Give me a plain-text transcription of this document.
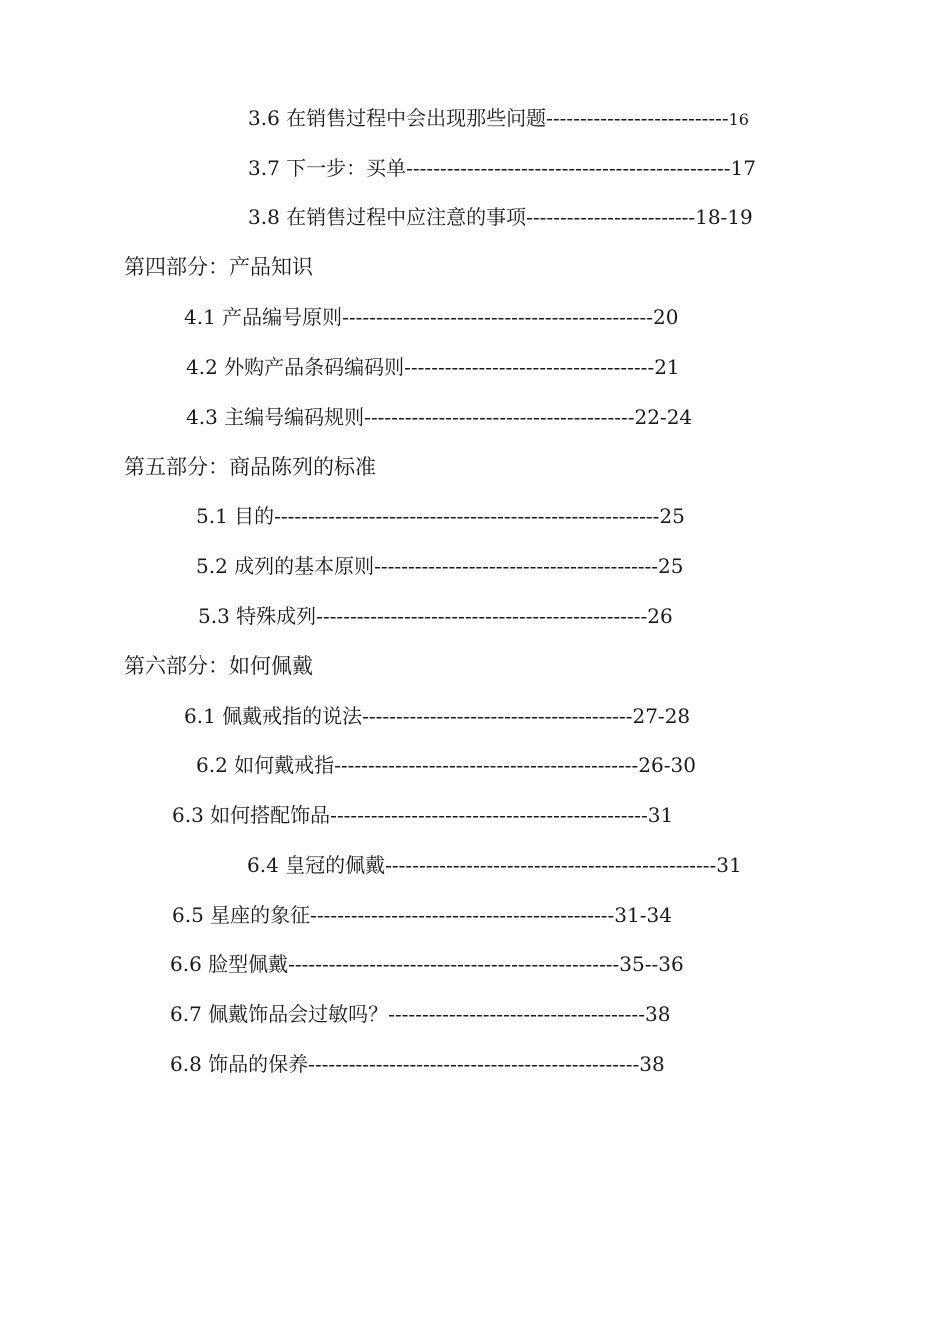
3.6 在销售过程中会出现那些问题---------------------------16
3.7 下一步：买单------------------------------------------------17
3.8 在销售过程中应注意的事项-------------------------18-19
第四部分：产品知识
4.1 产品编号原则----------------------------------------------20
4.2 外购产品条码编码则-------------------------------------21
4.3 主编号编码规则----------------------------------------22-24
第五部分：商品陈列的标准
5.1 目的---------------------------------------------------------25
5.2 成列的基本原则------------------------------------------25
5.3 特殊成列-------------------------------------------------26
第六部分：如何佩戴
6.1 佩戴戒指的说法----------------------------------------27-28
6.2 如何戴戒指---------------------------------------------26-30
6.3 如何搭配饰品-----------------------------------------------31
6.4 皇冠的佩戴-------------------------------------------------31
6.5 星座的象征---------------------------------------------31-34
6.6 脸型佩戴-------------------------------------------------35--36
6.7 佩戴饰品会过敏吗？--------------------------------------38
6.8 饰品的保养-------------------------------------------------38
